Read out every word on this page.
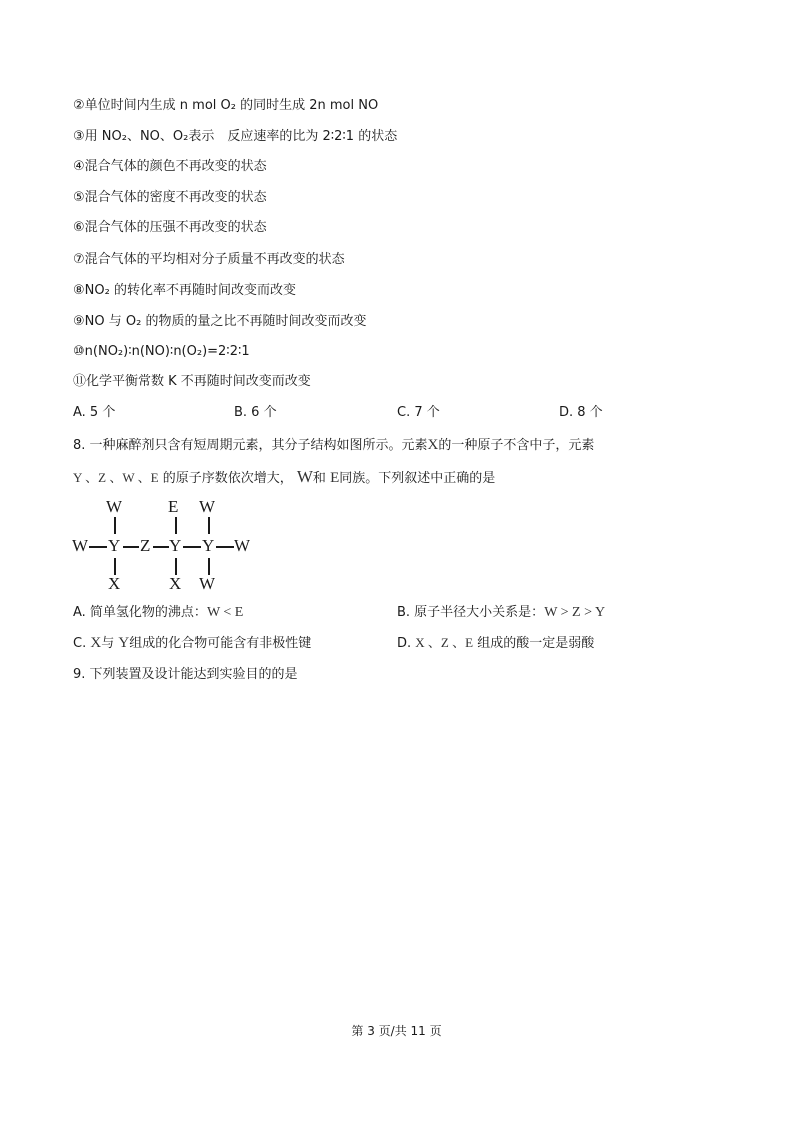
②单位时间内生成 n mol O₂ 的同时生成 2n mol NO
③用 NO₂、NO、O₂表示　反应速率的比为 2∶2∶1 的状态
④混合气体的颜色不再改变的状态
⑤混合气体的密度不再改变的状态
⑥混合气体的压强不再改变的状态
⑦混合气体的平均相对分子质量不再改变的状态
⑧NO₂ 的转化率不再随时间改变而改变
⑨NO 与 O₂ 的物质的量之比不再随时间改变而改变
⑩n(NO₂)∶n(NO)∶n(O₂)=2∶2∶1
⑪化学平衡常数 K 不再随时间改变而改变
A. 5 个	B. 6 个	C. 7 个	D. 8 个
8. 一种麻醉剂只含有短周期元素，其分子结构如图所示。元素X的一种原子不含中子，元素
Y 、Z 、W 、E 的原子序数依次增大， W和 E同族。下列叙述中正确的是
W	E W
W Y Z Y Y W
X	X W
A. 简单氢化物的沸点：W < E	B. 原子半径大小关系是：W > Z > Y
C. X与 Y组成的化合物可能含有非极性键	D. X 、Z 、E 组成的酸一定是弱酸
9. 下列装置及设计能达到实验目的的是
第 3 页/共 11 页
